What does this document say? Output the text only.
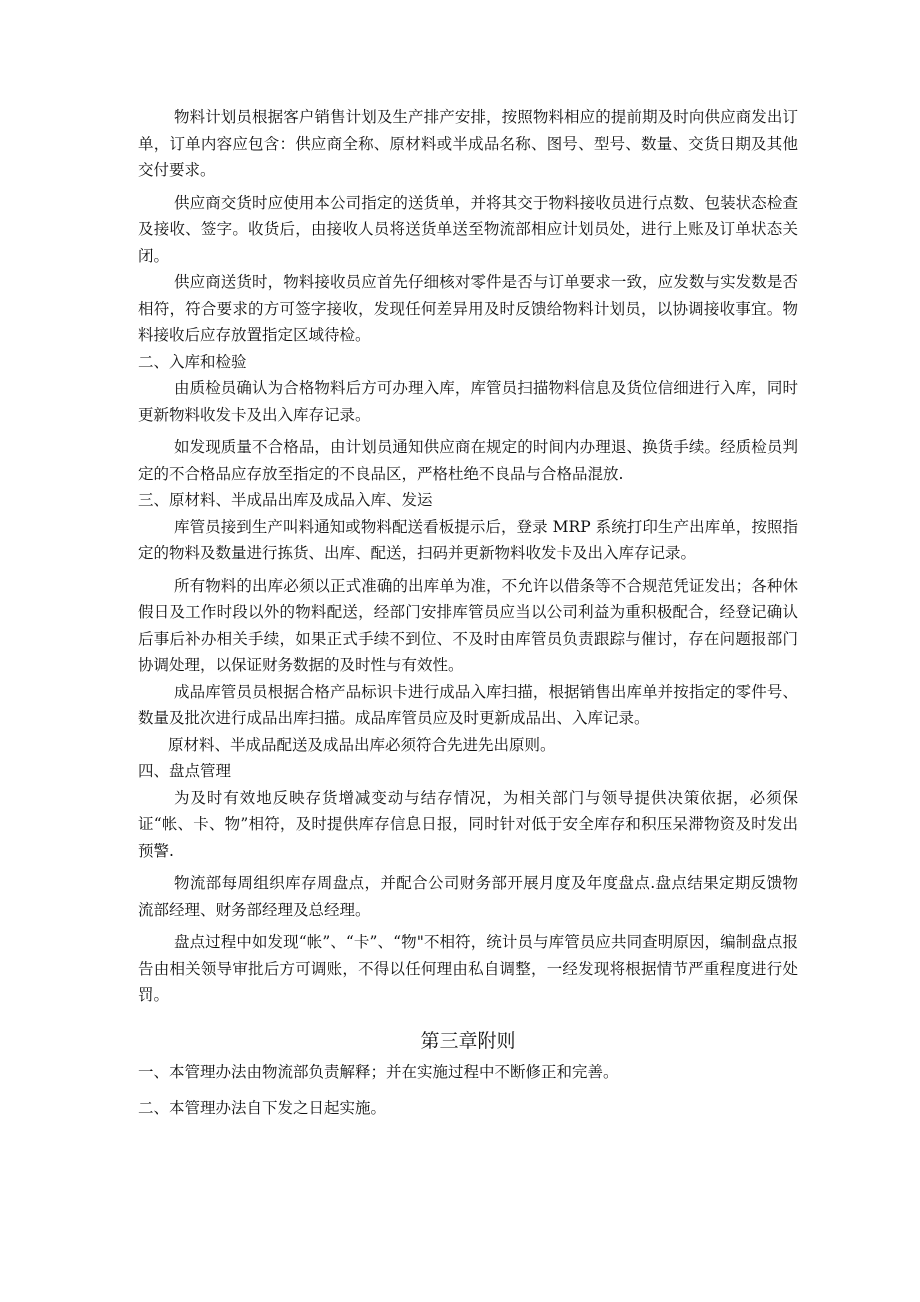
物料计划员根据客户销售计划及生产排产安排，按照物料相应的提前期及时向供应商发出订单，订单内容应包含：供应商全称、原材料或半成品名称、图号、型号、数量、交货日期及其他交付要求。

供应商交货时应使用本公司指定的送货单，并将其交于物料接收员进行点数、包装状态检查及接收、签字。收货后，由接收人员将送货单送至物流部相应计划员处，进行上账及订单状态关闭。

供应商送货时，物料接收员应首先仔细核对零件是否与订单要求一致，应发数与实发数是否相符，符合要求的方可签字接收，发现任何差异用及时反馈给物料计划员，以协调接收事宜。物料接收后应存放置指定区域待检。

二、入库和检验

由质检员确认为合格物料后方可办理入库，库管员扫描物料信息及货位信细进行入库，同时更新物料收发卡及出入库存记录。

如发现质量不合格品，由计划员通知供应商在规定的时间内办理退、换货手续。经质检员判定的不合格品应存放至指定的不良品区，严格杜绝不良品与合格品混放.

三、原材料、半成品出库及成品入库、发运

库管员接到生产叫料通知或物料配送看板提示后，登录 MRP 系统打印生产出库单，按照指定的物料及数量进行拣货、出库、配送，扫码并更新物料收发卡及出入库存记录。

所有物料的出库必须以正式准确的出库单为准，不允许以借条等不合规范凭证发出；各种休假日及工作时段以外的物料配送，经部门安排库管员应当以公司利益为重积极配合，经登记确认后事后补办相关手续，如果正式手续不到位、不及时由库管员负责跟踪与催讨，存在问题报部门协调处理，以保证财务数据的及时性与有效性。

成品库管员员根据合格产品标识卡进行成品入库扫描，根据销售出库单并按指定的零件号、数量及批次进行成品出库扫描。成品库管员应及时更新成品出、入库记录。

原材料、半成品配送及成品出库必须符合先进先出原则。

四、盘点管理

为及时有效地反映存货增减变动与结存情况，为相关部门与领导提供决策依据，必须保证“帐、卡、物”相符，及时提供库存信息日报，同时针对低于安全库存和积压呆滞物资及时发出预警.

物流部每周组织库存周盘点，并配合公司财务部开展月度及年度盘点.盘点结果定期反馈物流部经理、财务部经理及总经理。

盘点过程中如发现“帐”、“卡”、“物"不相符，统计员与库管员应共同查明原因，编制盘点报告由相关领导审批后方可调账，不得以任何理由私自调整，一经发现将根据情节严重程度进行处罚。

第三章附则

一、本管理办法由物流部负责解释；并在实施过程中不断修正和完善。

二、本管理办法自下发之日起实施。
